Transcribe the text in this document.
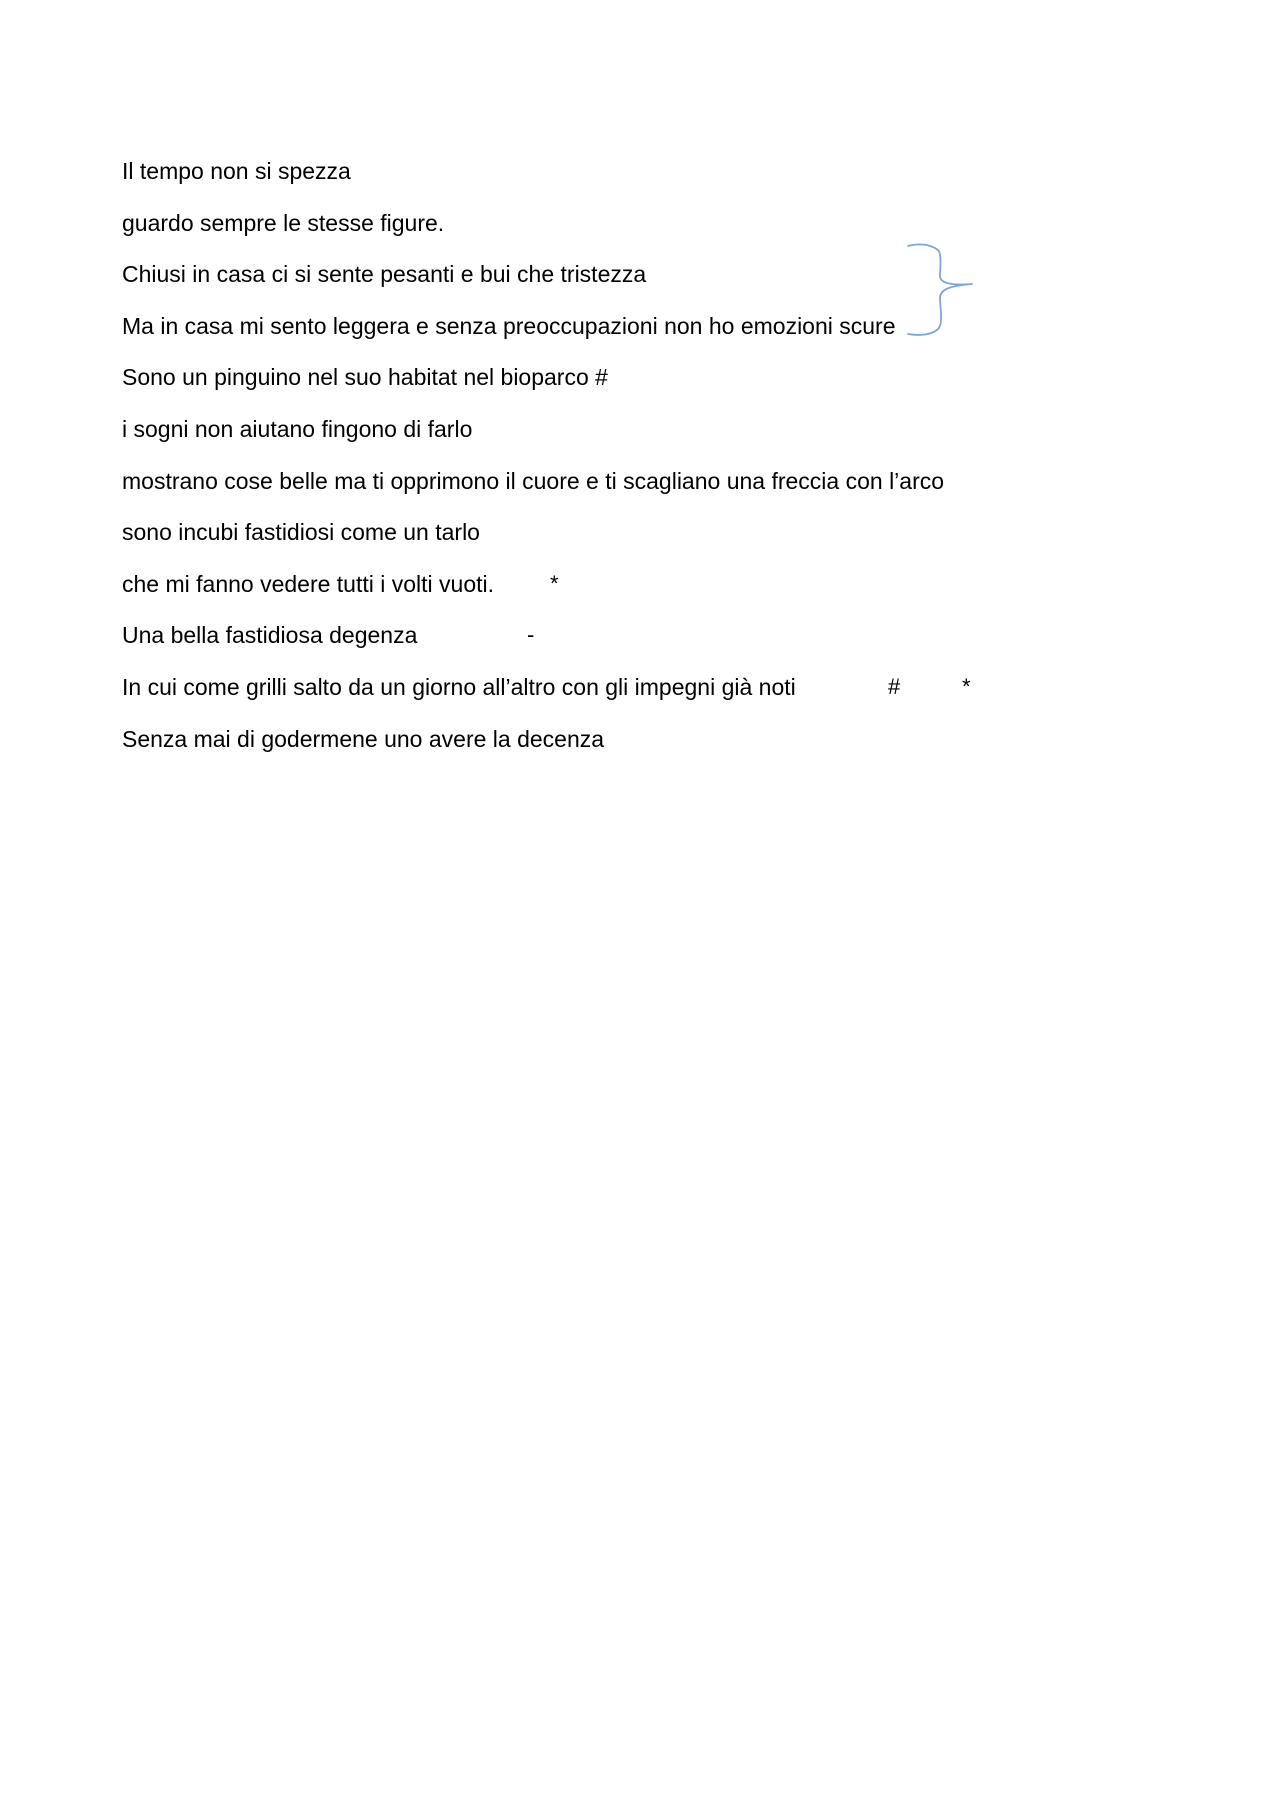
Il tempo non si spezza
guardo sempre le stesse figure.
Chiusi in casa ci si sente pesanti e bui che tristezza
Ma in casa mi sento leggera e senza preoccupazioni non ho emozioni scure
Sono un pinguino nel suo habitat nel bioparco #
i sogni non aiutano fingono di farlo
mostrano cose belle ma ti opprimono il cuore e ti scagliano una freccia con l’arco
sono incubi fastidiosi come un tarlo
che mi fanno vedere tutti i volti vuoti.	*
Una bella fastidiosa degenza	-
In cui come grilli salto da un giorno all’altro con gli impegni già noti	#	*
Senza mai di godermene uno avere la decenza
